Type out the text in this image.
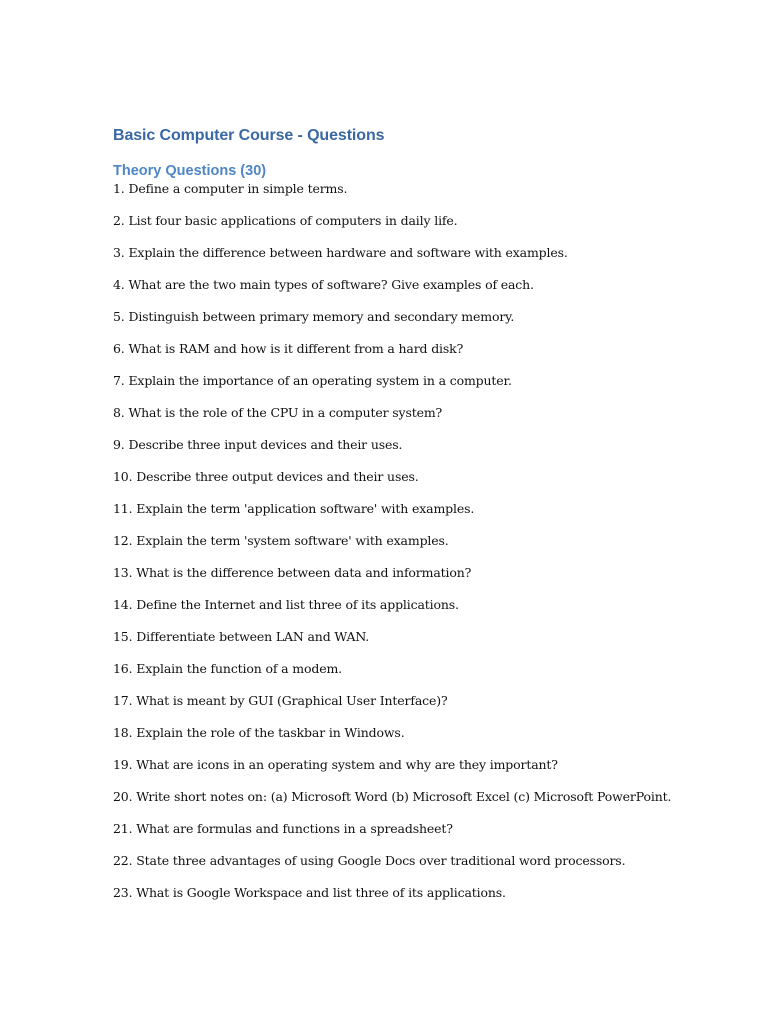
Basic Computer Course - Questions
Theory Questions (30)
1. Define a computer in simple terms.
2. List four basic applications of computers in daily life.
3. Explain the difference between hardware and software with examples.
4. What are the two main types of software? Give examples of each.
5. Distinguish between primary memory and secondary memory.
6. What is RAM and how is it different from a hard disk?
7. Explain the importance of an operating system in a computer.
8. What is the role of the CPU in a computer system?
9. Describe three input devices and their uses.
10. Describe three output devices and their uses.
11. Explain the term 'application software' with examples.
12. Explain the term 'system software' with examples.
13. What is the difference between data and information?
14. Define the Internet and list three of its applications.
15. Differentiate between LAN and WAN.
16. Explain the function of a modem.
17. What is meant by GUI (Graphical User Interface)?
18. Explain the role of the taskbar in Windows.
19. What are icons in an operating system and why are they important?
20. Write short notes on: (a) Microsoft Word (b) Microsoft Excel (c) Microsoft PowerPoint.
21. What are formulas and functions in a spreadsheet?
22. State three advantages of using Google Docs over traditional word processors.
23. What is Google Workspace and list three of its applications.
